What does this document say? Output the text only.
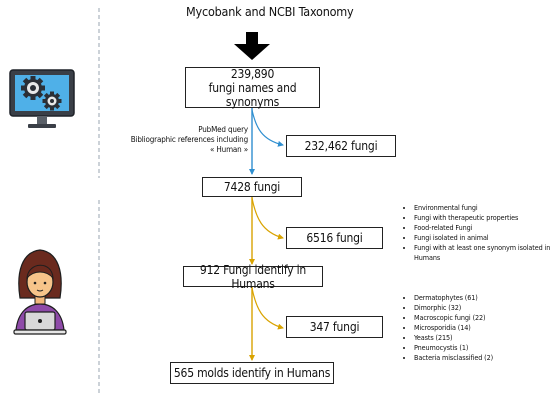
Mycobank and NCBI Taxonomy
239,890
fungi names and synonyms
7428 fungi
912 Fungi identify in Humans
565 molds identify in Humans
232,462 fungi
6516 fungi
347 fungi
PubMed query
Bibliographic references including
« Human »
• Environmental fungi
• Fungi with therapeutic properties
• Food-related Fungi
• Fungi isolated in animal
• Fungi with at least one synonym isolated in Humans
• Dermatophytes (61)
• Dimorphic (32)
• Macroscopic fungi (22)
• Microsporidia (14)
• Yeasts (215)
• Pneumocystis (1)
• Bacteria misclassified (2)
